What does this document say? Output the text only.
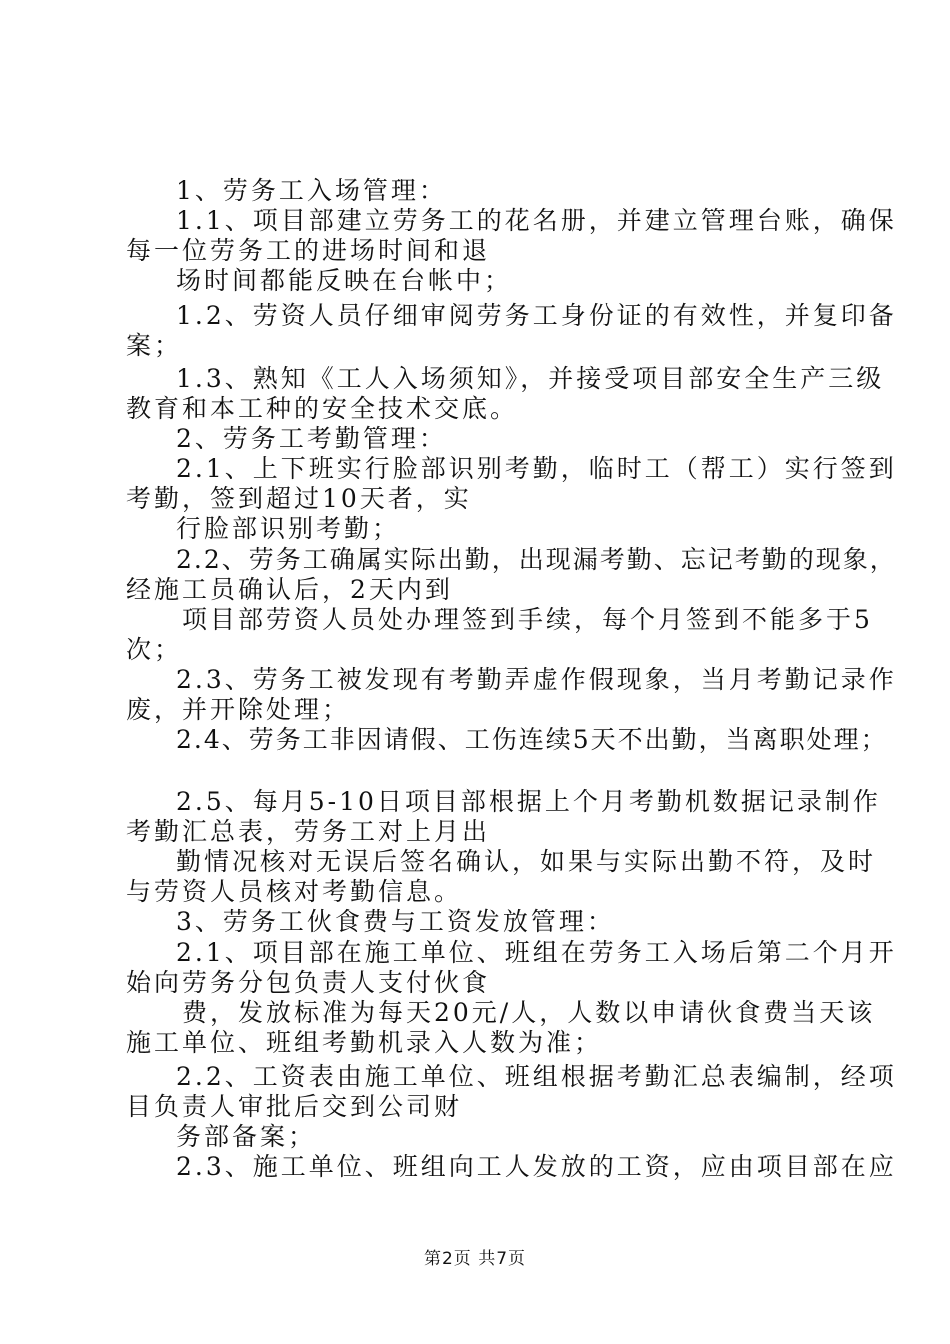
1、劳务工入场管理：
1.1、项目部建立劳务工的花名册，并建立管理台账，确保
每一位劳务工的进场时间和退
场时间都能反映在台帐中；
1.2、劳资人员仔细审阅劳务工身份证的有效性，并复印备
案；
1.3、熟知《工人入场须知》，并接受项目部安全生产三级
教育和本工种的安全技术交底。
2、劳务工考勤管理：
2.1、上下班实行脸部识别考勤，临时工（帮工）实行签到
考勤，签到超过10天者，实
行脸部识别考勤；
2.2、劳务工确属实际出勤，出现漏考勤、忘记考勤的现象，
经施工员确认后，2天内到
项目部劳资人员处办理签到手续，每个月签到不能多于5
次；
2.3、劳务工被发现有考勤弄虚作假现象，当月考勤记录作
废，并开除处理；
2.4、劳务工非因请假、工伤连续5天不出勤，当离职处理；
2.5、每月5-10日项目部根据上个月考勤机数据记录制作
考勤汇总表，劳务工对上月出
勤情况核对无误后签名确认，如果与实际出勤不符，及时
与劳资人员核对考勤信息。
3、劳务工伙食费与工资发放管理：
2.1、项目部在施工单位、班组在劳务工入场后第二个月开
始向劳务分包负责人支付伙食
费，发放标准为每天20元/人，人数以申请伙食费当天该
施工单位、班组考勤机录入人数为准；
2.2、工资表由施工单位、班组根据考勤汇总表编制，经项
目负责人审批后交到公司财
务部备案；
2.3、施工单位、班组向工人发放的工资，应由项目部在应
第2页 共7页
